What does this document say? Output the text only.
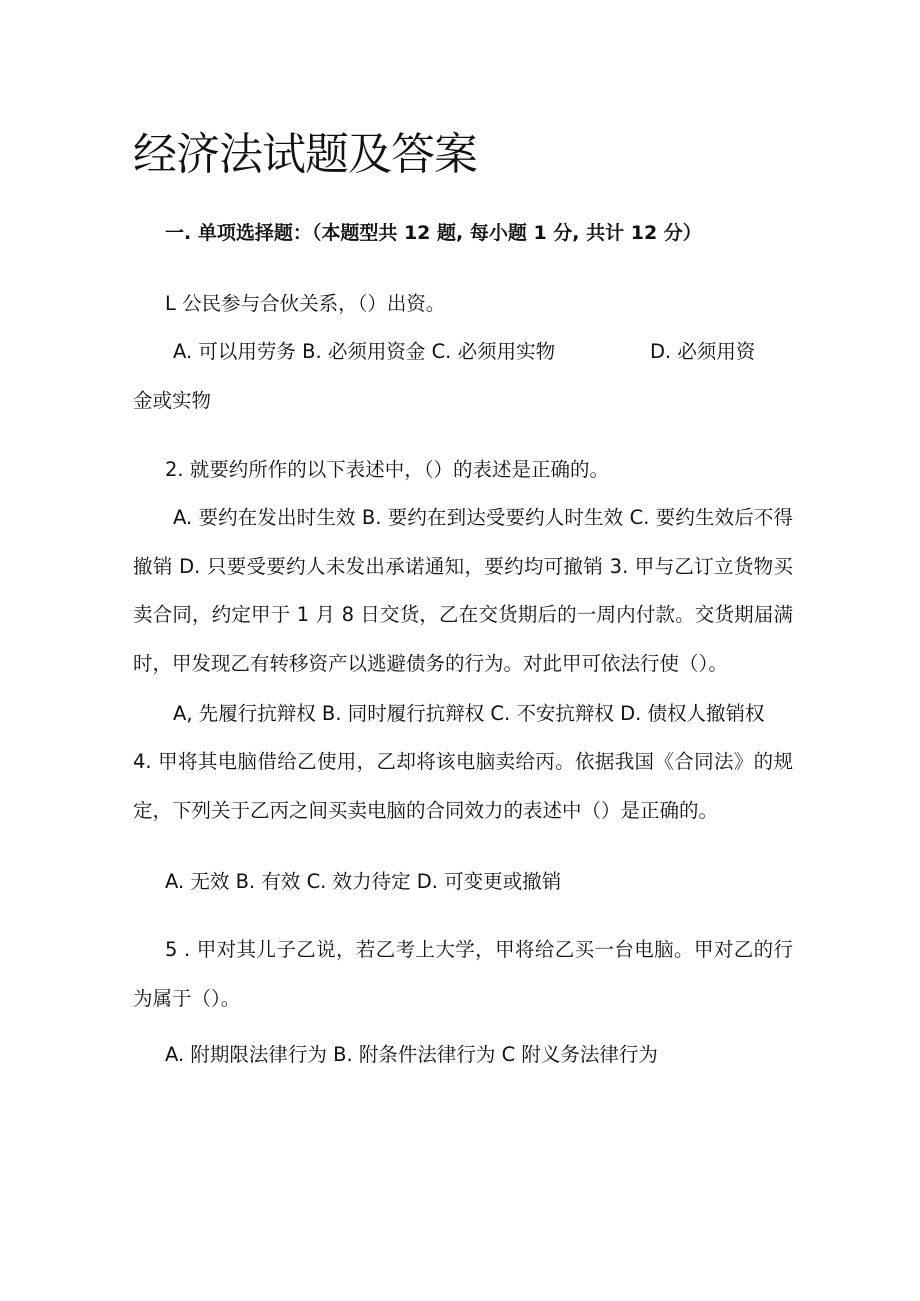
经济法试题及答案
一. 单项选择题：（本题型共 12 题, 每小题 1 分, 共计 12 分）
L 公民参与合伙关系，（）出资。
A. 可以用劳务 B. 必须用资金 C. 必须用实物	D. 必须用资
金或实物
2. 就要约所作的以下表述中，（）的表述是正确的。
A. 要约在发出时生效 B. 要约在到达受要约人时生效 C. 要约生效后不得撤销 D. 只要受要约人未发出承诺通知，要约均可撤销 3. 甲与乙订立货物买卖合同，约定甲于 1 月 8 日交货，乙在交货期后的一周内付款。交货期届满时，甲发现乙有转移资产以逃避债务的行为。对此甲可依法行使（）。
A, 先履行抗辩权 B. 同时履行抗辩权 C. 不安抗辩权 D. 债权人撤销权
4. 甲将其电脑借给乙使用，乙却将该电脑卖给丙。依据我国《合同法》的规定，下列关于乙丙之间买卖电脑的合同效力的表述中（）是正确的。
A. 无效 B. 有效 C. 效力待定 D. 可变更或撤销
5 . 甲对其儿子乙说，若乙考上大学，甲将给乙买一台电脑。甲对乙的行为属于（）。
A. 附期限法律行为 B. 附条件法律行为 C 附义务法律行为
